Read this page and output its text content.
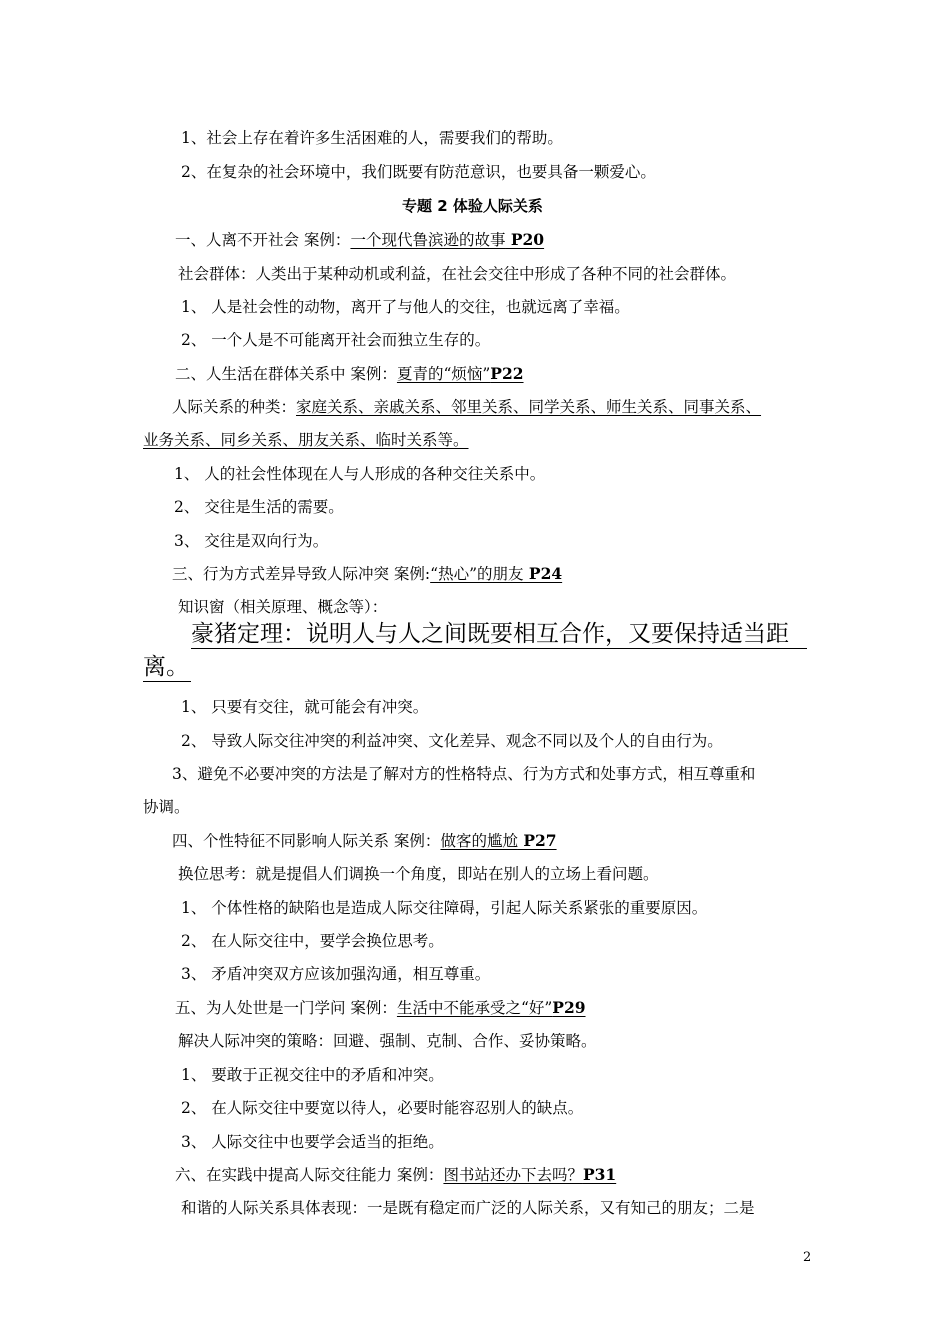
1、社会上存在着许多生活困难的人，需要我们的帮助。
2、在复杂的社会环境中，我们既要有防范意识，也要具备一颗爱心。
专题 2 体验人际关系
一、人离不开社会 案例：一个现代鲁滨逊的故事 P20
社会群体：人类出于某种动机或利益，在社会交往中形成了各种不同的社会群体。
1、 人是社会性的动物，离开了与他人的交往，也就远离了幸福。
2、 一个人是不可能离开社会而独立生存的。
二、人生活在群体关系中 案例：夏青的“烦恼”P22
人际关系的种类：家庭关系、亲戚关系、邻里关系、同学关系、师生关系、同事关系、
业务关系、同乡关系、朋友关系、临时关系等。
1、 人的社会性体现在人与人形成的各种交往关系中。
2、 交往是生活的需要。
3、 交往是双向行为。
三、行为方式差异导致人际冲突 案例:“热心”的朋友 P24
知识窗（相关原理、概念等）：
豪猪定理：说明人与人之间既要相互合作，又要保持适当距
离。
1、 只要有交往，就可能会有冲突。
2、 导致人际交往冲突的利益冲突、文化差异、观念不同以及个人的自由行为。
3、避免不必要冲突的方法是了解对方的性格特点、行为方式和处事方式，相互尊重和
协调。
四、个性特征不同影响人际关系 案例：做客的尴尬 P27
换位思考：就是提倡人们调换一个角度，即站在别人的立场上看问题。
1、 个体性格的缺陷也是造成人际交往障碍，引起人际关系紧张的重要原因。
2、 在人际交往中，要学会换位思考。
3、 矛盾冲突双方应该加强沟通，相互尊重。
五、为人处世是一门学问 案例：生活中不能承受之“好”P29
解决人际冲突的策略：回避、强制、克制、合作、妥协策略。
1、 要敢于正视交往中的矛盾和冲突。
2、 在人际交往中要宽以待人，必要时能容忍别人的缺点。
3、 人际交往中也要学会适当的拒绝。
六、在实践中提高人际交往能力 案例：图书站还办下去吗？P31
和谐的人际关系具体表现：一是既有稳定而广泛的人际关系，又有知己的朋友；二是
2
